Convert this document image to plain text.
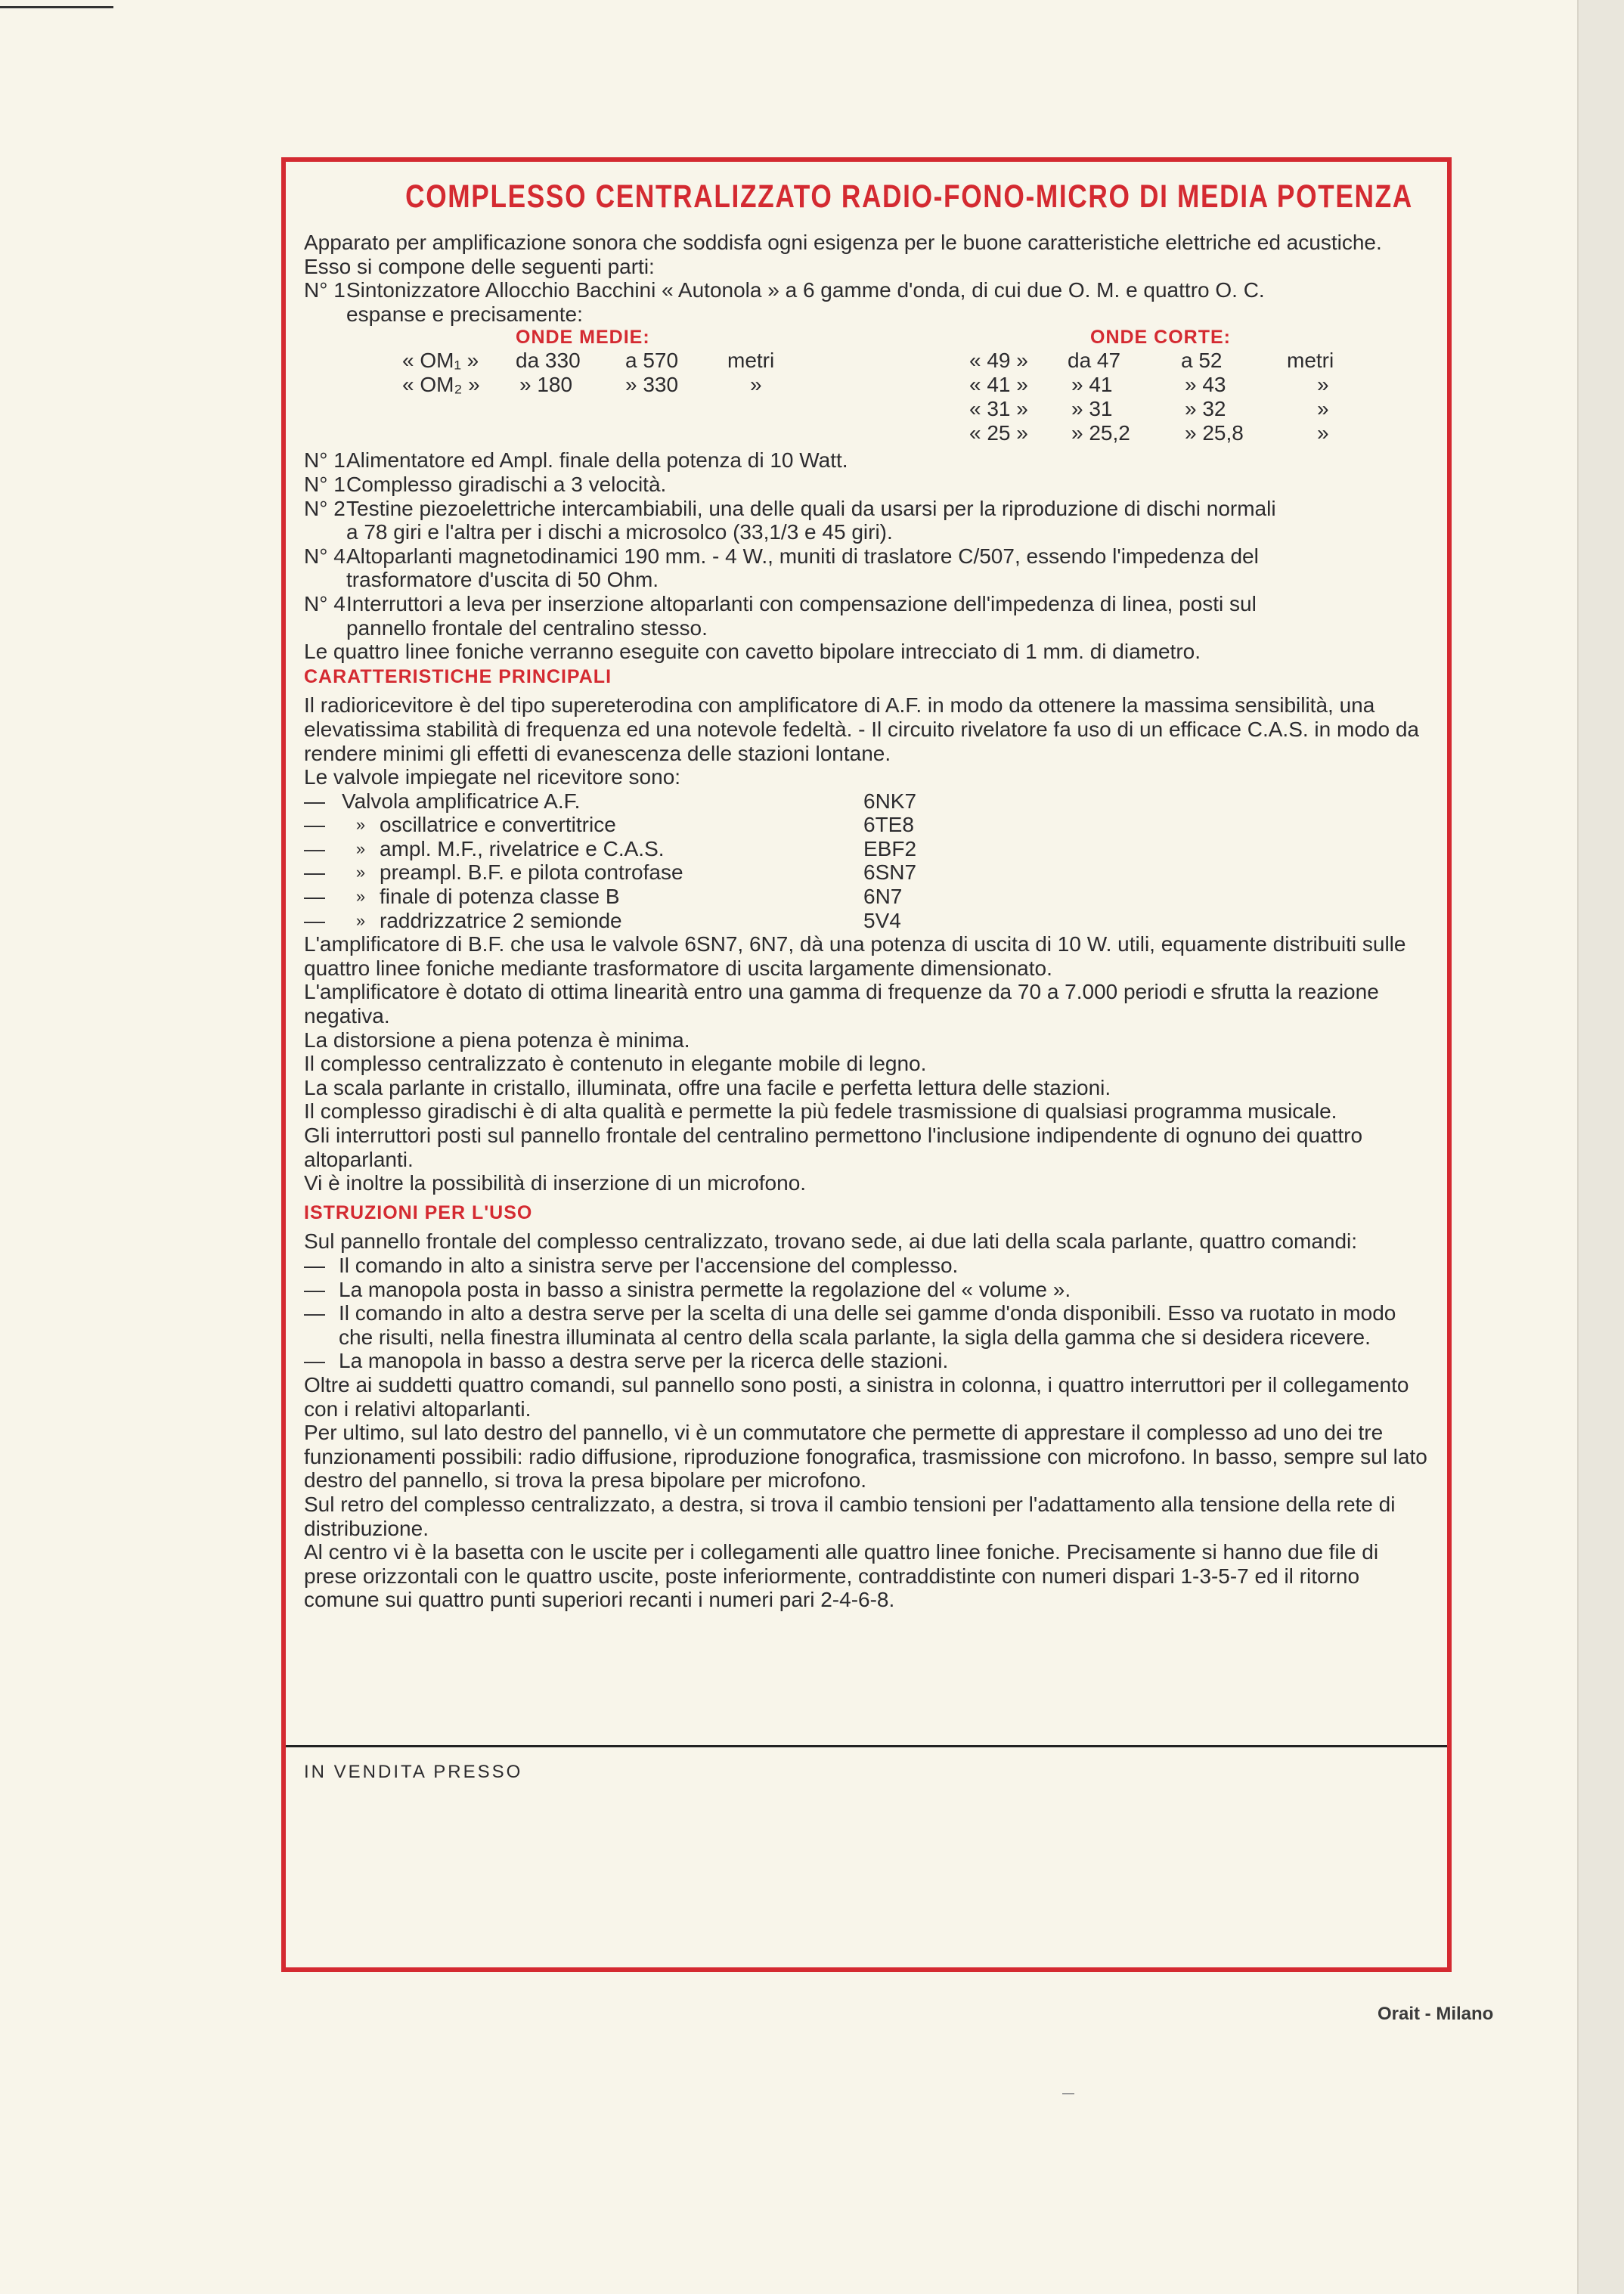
COMPLESSO CENTRALIZZATO RADIO-FONO-MICRO DI MEDIA POTENZA

Apparato per amplificazione sonora che soddisfa ogni esigenza per le buone caratteristiche elettriche ed acustiche.

Esso si compone delle seguenti parti:

N° 1 Sintonizzatore Allocchio Bacchini « Autonola » a 6 gamme d'onda, di cui due O. M. e quattro O. C.

espanse e precisamente:

ONDE MEDIE:	ONDE CORTE:
« OM₁ » da 330 a 570 metri
« OM₂ » » 180 » 330	»
« 49 » da 47	a 52	metri
« 41 » » 41	» 43	»
« 31 » » 31	» 32	»
« 25 » » 25,2	» 25,8	»
N° 1 Alimentatore ed Ampl. finale della potenza di 10 Watt.
N° 1 Complesso giradischi a 3 velocità.
N° 2 Testine piezoelettriche intercambiabili, una delle quali da usarsi per la riproduzione di dischi normali

a 78 giri e l'altra per i dischi a microsolco (33,1/3 e 45 giri).

N° 4 Altoparlanti magnetodinamici 190 mm. - 4 W., muniti di traslatore C/507, essendo l'impedenza del

trasformatore d'uscita di 50 Ohm.

N° 4 Interruttori a leva per inserzione altoparlanti con compensazione dell'impedenza di linea, posti sul

pannello frontale del centralino stesso.

Le quattro linee foniche verranno eseguite con cavetto bipolare intrecciato di 1 mm. di diametro.

CARATTERISTICHE PRINCIPALI

Il radioricevitore è del tipo supereterodina con amplificatore di A.F. in modo da ottenere la massima sensibilità, una elevatissima stabilità di frequenza ed una notevole fedeltà. - Il circuito rivelatore fa uso di un efficace C.A.S. in modo da rendere minimi gli effetti di evanescenza delle stazioni lontane.

Le valvole impiegate nel ricevitore sono:

— Valvola amplificatrice A.F.	6NK7
—	» oscillatrice e convertitrice	6TE8
—	» ampl. M.F., rivelatrice e C.A.S.	EBF2
—	» preampl. B.F. e pilota controfase	6SN7
—	» finale di potenza classe B	6N7
—	» raddrizzatrice 2 semionde	5V4

L'amplificatore di B.F. che usa le valvole 6SN7, 6N7, dà una potenza di uscita di 10 W. utili, equamente distribuiti sulle quattro linee foniche mediante trasformatore di uscita largamente dimensionato.

L'amplificatore è dotato di ottima linearità entro una gamma di frequenze da 70 a 7.000 periodi e sfrutta la reazione negativa.

La distorsione a piena potenza è minima.

Il complesso centralizzato è contenuto in elegante mobile di legno.

La scala parlante in cristallo, illuminata, offre una facile e perfetta lettura delle stazioni.

Il complesso giradischi è di alta qualità e permette la più fedele trasmissione di qualsiasi programma musicale.

Gli interruttori posti sul pannello frontale del centralino permettono l'inclusione indipendente di ognuno dei quattro altoparlanti.

Vi è inoltre la possibilità di inserzione di un microfono.

ISTRUZIONI PER L'USO

Sul pannello frontale del complesso centralizzato, trovano sede, ai due lati della scala parlante, quattro comandi:

— Il comando in alto a sinistra serve per l'accensione del complesso.
— La manopola posta in basso a sinistra permette la regolazione del « volume ».
— Il comando in alto a destra serve per la scelta di una delle sei gamme d'onda disponibili. Esso va ruotato in modo che risulti, nella finestra illuminata al centro della scala parlante, la sigla della gamma che si desidera ricevere.
— La manopola in basso a destra serve per la ricerca delle stazioni.

Oltre ai suddetti quattro comandi, sul pannello sono posti, a sinistra in colonna, i quattro interruttori per il collegamento con i relativi altoparlanti.

Per ultimo, sul lato destro del pannello, vi è un commutatore che permette di apprestare il complesso ad uno dei tre funzionamenti possibili: radio diffusione, riproduzione fonografica, trasmissione con microfono. In basso, sempre sul lato destro del pannello, si trova la presa bipolare per microfono.

Sul retro del complesso centralizzato, a destra, si trova il cambio tensioni per l'adattamento alla tensione della rete di distribuzione.

Al centro vi è la basetta con le uscite per i collegamenti alle quattro linee foniche. Precisamente si hanno due file di prese orizzontali con le quattro uscite, poste inferiormente, contraddistinte con numeri dispari 1-3-5-7 ed il ritorno comune sui quattro punti superiori recanti i numeri pari 2-4-6-8.

IN VENDITA PRESSO
Orait - Milano
